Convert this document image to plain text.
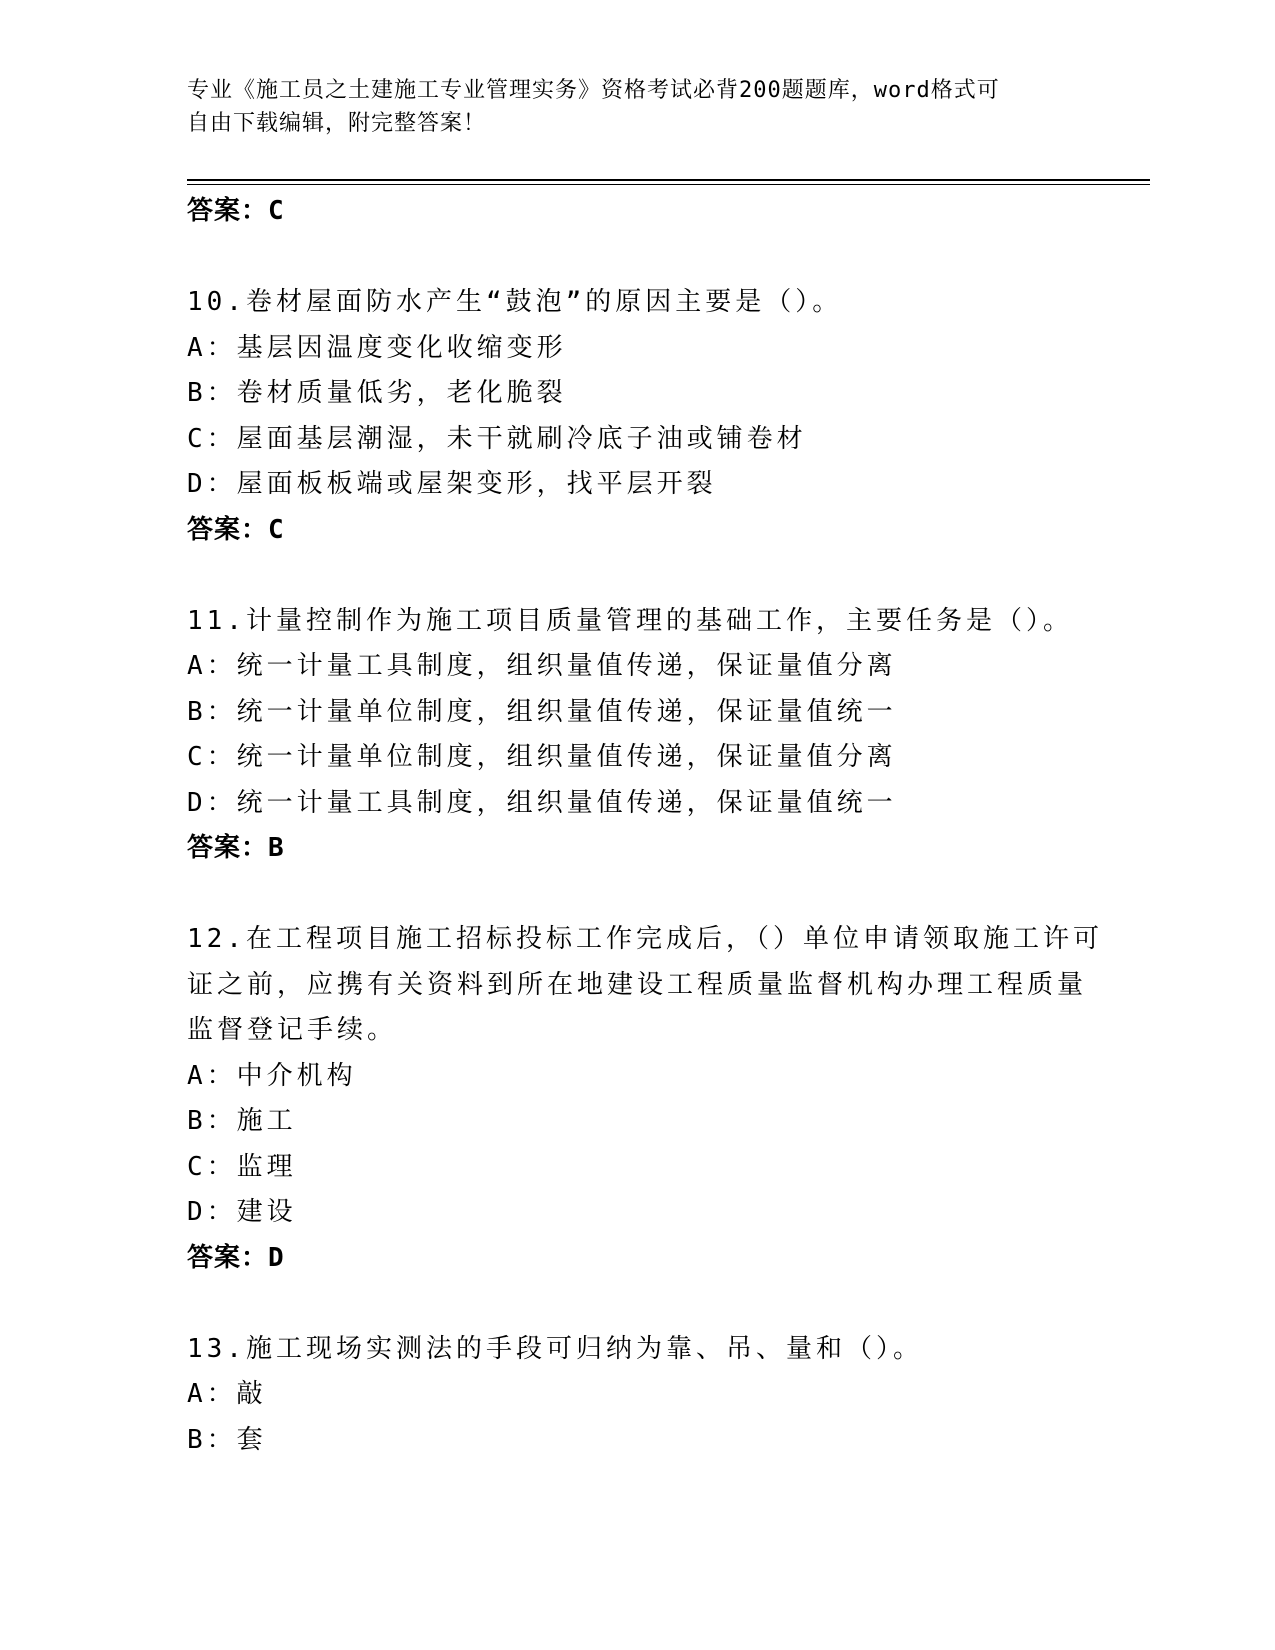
专业《施工员之土建施工专业管理实务》资格考试必背200题题库，word格式可
自由下载编辑，附完整答案！
答案：C
10.卷材屋面防水产生“鼓泡”的原因主要是（）。
A：基层因温度变化收缩变形
B：卷材质量低劣，老化脆裂
C：屋面基层潮湿，未干就刷冷底子油或铺卷材
D：屋面板板端或屋架变形，找平层开裂
答案：C
11.计量控制作为施工项目质量管理的基础工作，主要任务是（）。
A：统一计量工具制度，组织量值传递，保证量值分离
B：统一计量单位制度，组织量值传递，保证量值统一
C：统一计量单位制度，组织量值传递，保证量值分离
D：统一计量工具制度，组织量值传递，保证量值统一
答案：B
12.在工程项目施工招标投标工作完成后，（）单位申请领取施工许可
证之前，应携有关资料到所在地建设工程质量监督机构办理工程质量
监督登记手续。
A：中介机构
B：施工
C：监理
D：建设
答案：D
13.施工现场实测法的手段可归纳为靠、吊、量和（）。
A：敲
B：套
